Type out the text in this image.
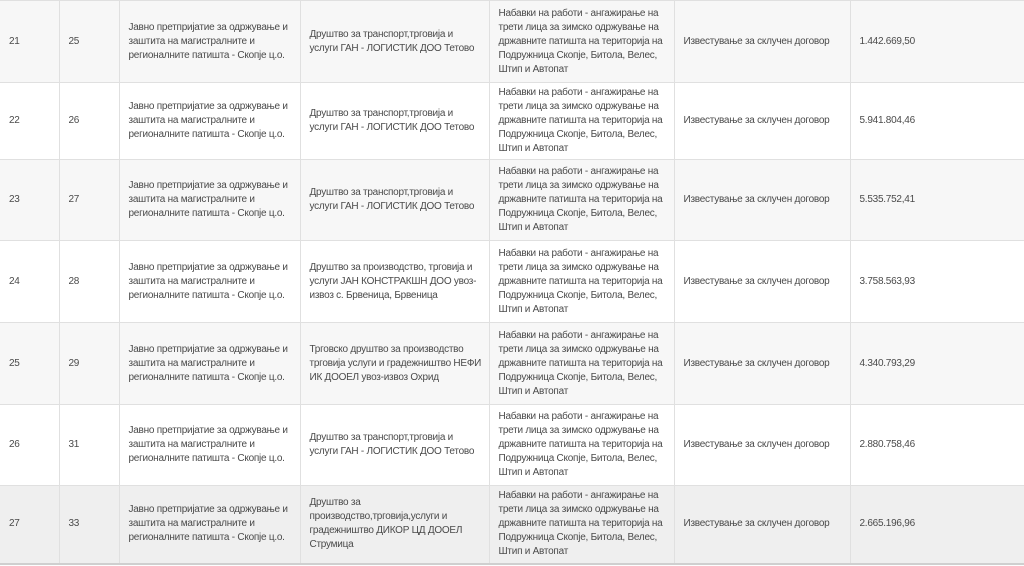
21	25	Јавно претпријатие за одржување и заштита на магистралните и регионалните патишта - Скопје ц.о.	Друштво за транспорт,трговија и услуги ГАН - ЛОГИСТИК ДОО Тетово	Набавки на работи - ангажирање на трети лица за зимско одржување на државните патишта на територија на Подружница Скопје, Битола, Велес, Штип и Автопат	Известување за склучен договор	1.442.669,50
22	26	Јавно претпријатие за одржување и заштита на магистралните и регионалните патишта - Скопје ц.о.	Друштво за транспорт,трговија и услуги ГАН - ЛОГИСТИК ДОО Тетово	Набавки на работи - ангажирање на трети лица за зимско одржување на државните патишта на територија на Подружница Скопје, Битола, Велес, Штип и Автопат	Известување за склучен договор	5.941.804,46
23	27	Јавно претпријатие за одржување и заштита на магистралните и регионалните патишта - Скопје ц.о.	Друштво за транспорт,трговија и услуги ГАН - ЛОГИСТИК ДОО Тетово	Набавки на работи - ангажирање на трети лица за зимско одржување на државните патишта на територија на Подружница Скопје, Битола, Велес, Штип и Автопат	Известување за склучен договор	5.535.752,41
24	28	Јавно претпријатие за одржување и заштита на магистралните и регионалните патишта - Скопје ц.о.	Друштво за производство, трговија и услуги ЈАН КОНСТРАКШН ДОО увоз-извоз с. Брвеница, Брвеница	Набавки на работи - ангажирање на трети лица за зимско одржување на државните патишта на територија на Подружница Скопје, Битола, Велес, Штип и Автопат	Известување за склучен договор	3.758.563,93
25	29	Јавно претпријатие за одржување и заштита на магистралните и регионалните патишта - Скопје ц.о.	Трговско друштво за производство трговија услуги и градежништво НЕФИ ИК ДООЕЛ увоз-извоз Охрид	Набавки на работи - ангажирање на трети лица за зимско одржување на државните патишта на територија на Подружница Скопје, Битола, Велес, Штип и Автопат	Известување за склучен договор	4.340.793,29
26	31	Јавно претпријатие за одржување и заштита на магистралните и регионалните патишта - Скопје ц.о.	Друштво за транспорт,трговија и услуги ГАН - ЛОГИСТИК ДОО Тетово	Набавки на работи - ангажирање на трети лица за зимско одржување на државните патишта на територија на Подружница Скопје, Битола, Велес, Штип и Автопат	Известување за склучен договор	2.880.758,46
27	33	Јавно претпријатие за одржување и заштита на магистралните и регионалните патишта - Скопје ц.о.	Друштво за производство,трговија,услуги и градежништво ДИКОР ЦД ДООЕЛ Струмица	Набавки на работи - ангажирање на трети лица за зимско одржување на државните патишта на територија на Подружница Скопје, Битола, Велес, Штип и Автопат	Известување за склучен договор	2.665.196,96
